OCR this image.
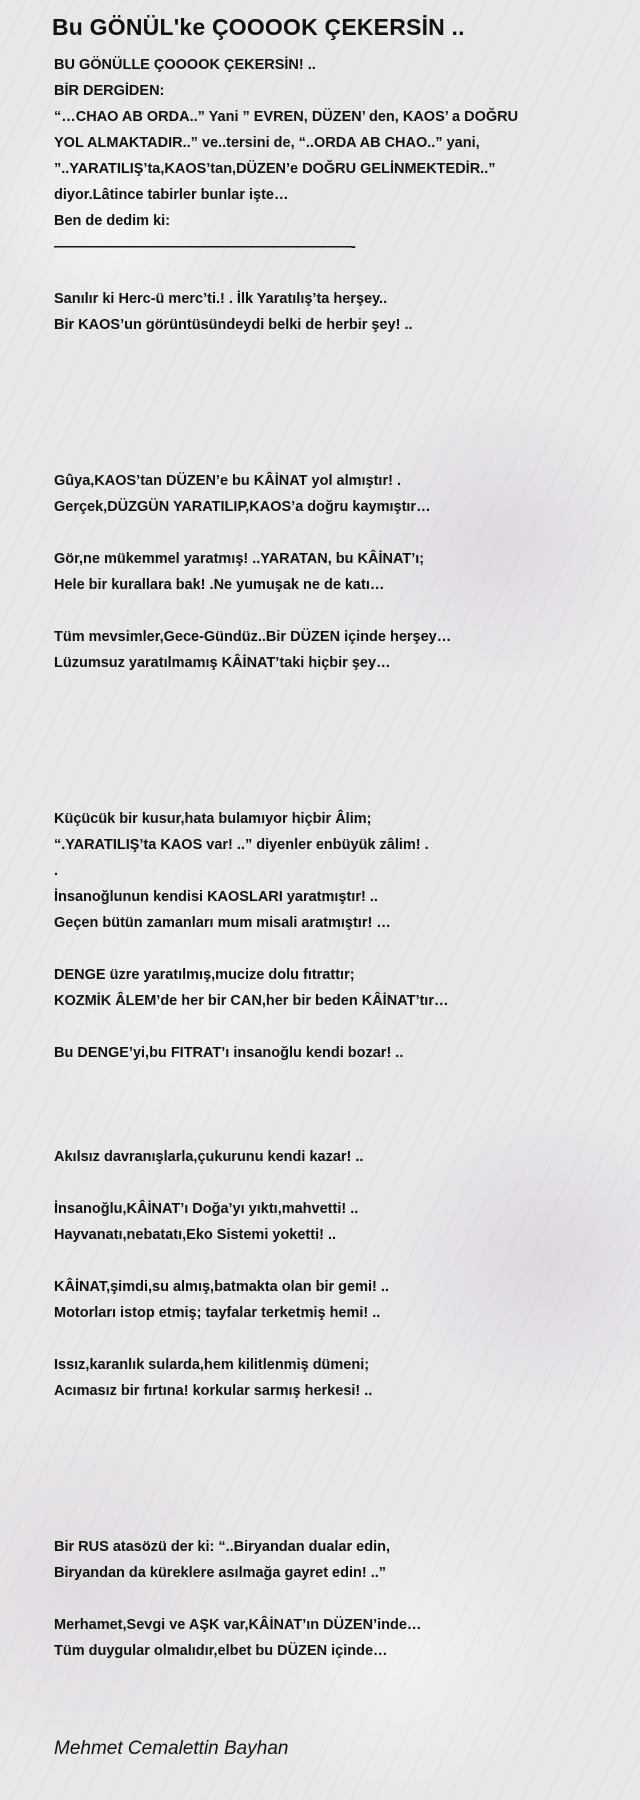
Bu GÖNÜL'ke ÇOOOOK ÇEKERSİN ..
BU GÖNÜLLE ÇOOOOK ÇEKERSİN! ..
BİR DERGİDEN:
“…CHAO AB ORDA..” Yani ” EVREN, DÜZEN’ den, KAOS’ a DOĞRU
YOL ALMAKTADIR..” ve..tersini de, “..ORDA AB CHAO..” yani,
”..YARATILIŞ’ta,KAOS’tan,DÜZEN’e DOĞRU GELİNMEKTEDİR..”
diyor.Lâtince tabirler bunlar işte…
Ben de dedim ki:
——————————————————————-
Sanılır ki Herc-ü merc’ti.! . İlk Yaratılış’ta herşey..
Bir KAOS’un görüntüsündeydi belki de herbir şey! ..
Gûya,KAOS’tan DÜZEN’e bu KÂİNAT yol almıştır! .
Gerçek,DÜZGÜN YARATILIP,KAOS’a doğru kaymıştır…
Gör,ne mükemmel yaratmış! ..YARATAN, bu KÂİNAT’ı;
Hele bir kurallara bak! .Ne yumuşak ne de katı…
Tüm mevsimler,Gece-Gündüz..Bir DÜZEN içinde herşey…
Lüzumsuz yaratılmamış KÂİNAT’taki hiçbir şey…
Küçücük bir kusur,hata bulamıyor hiçbir Âlim;
“.YARATILIŞ’ta KAOS var! ..” diyenler enbüyük zâlim! .
.
İnsanoğlunun kendisi KAOSLARI yaratmıştır! ..
Geçen bütün zamanları mum misali aratmıştır! …
DENGE üzre yaratılmış,mucize dolu fıtrattır;
KOZMİK ÂLEM’de her bir CAN,her bir beden KÂİNAT’tır…
Bu DENGE’yi,bu FITRAT’ı insanoğlu kendi bozar! ..
Akılsız davranışlarla,çukurunu kendi kazar! ..
İnsanoğlu,KÂİNAT’ı Doğa’yı yıktı,mahvetti! ..
Hayvanatı,nebatatı,Eko Sistemi yoketti! ..
KÂİNAT,şimdi,su almış,batmakta olan bir gemi! ..
Motorları istop etmiş; tayfalar terketmiş hemi! ..
Issız,karanlık sularda,hem kilitlenmiş dümeni;
Acımasız bir fırtına! korkular sarmış herkesi! ..
Bir RUS atasözü der ki: “..Biryandan dualar edin,
Biryandan da küreklere asılmağa gayret edin! ..”
Merhamet,Sevgi ve AŞK var,KÂİNAT’ın DÜZEN’inde…
Tüm duygular olmalıdır,elbet bu DÜZEN içinde…
Mehmet Cemalettin Bayhan
